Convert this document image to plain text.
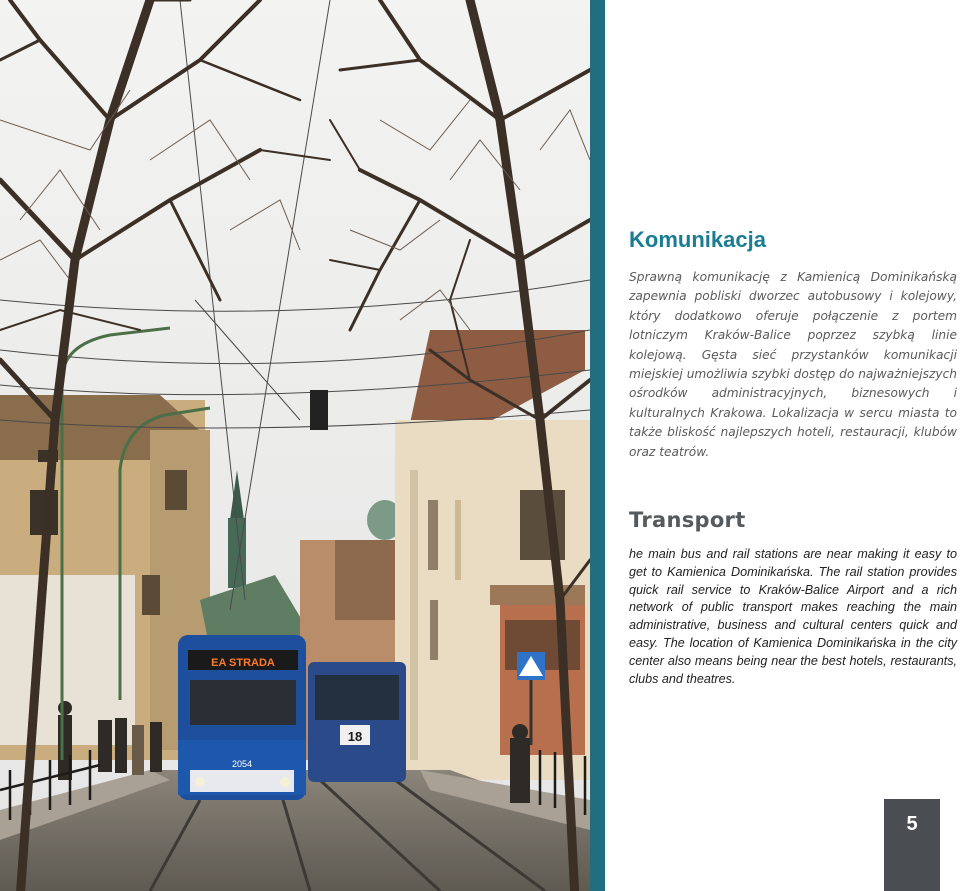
EA STRADA
2054
18
Komunikacja

Sprawną komunikację z Kamienicą Dominikańską zapewnia pobliski dworzec autobusowy i kolejowy, który dodatkowo oferuje połączenie z portem lotniczym Kraków-Balice poprzez szybką linie kolejową. Gęsta sieć przystanków komunikacji miejskiej umożliwia szybki dostęp do najważniejszych ośrodków administracyjnych, biznesowych i kulturalnych Krakowa. Lokalizacja w sercu miasta to także bliskość najlepszych hoteli, restauracji, klubów oraz teatrów.

Transport

he main bus and rail stations are near making it easy to get to Kamienica Dominikańska. The rail station provides quick rail service to Kraków-Balice Airport and a rich network of public transport makes reaching the main administrative, business and cultural centers quick and easy. The location of Kamienica Dominikańska in the city center also means being near the best hotels, restaurants, clubs and theatres.

5
